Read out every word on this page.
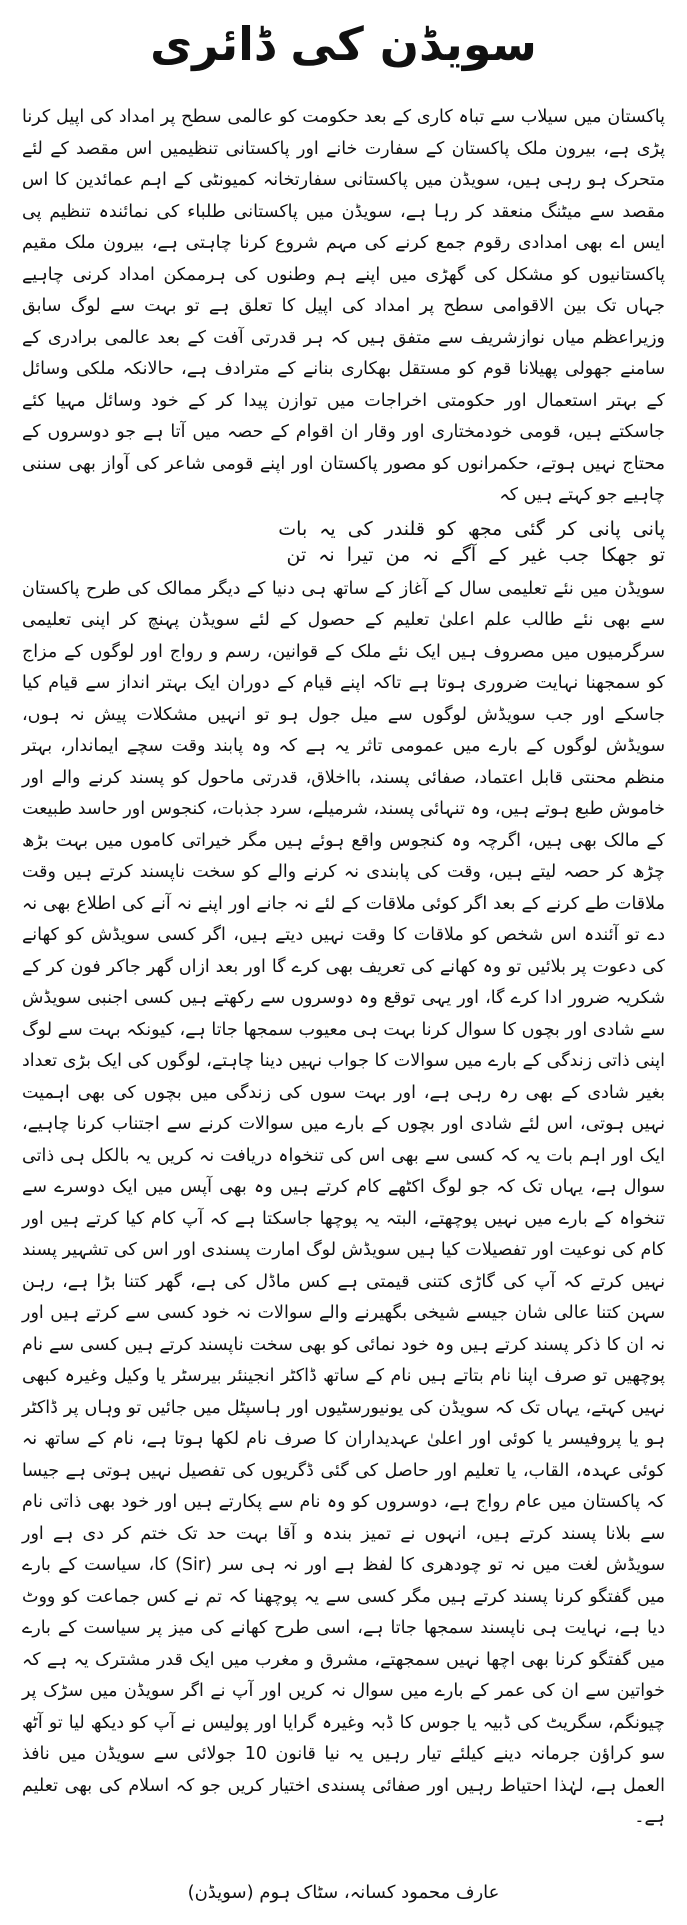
سویڈن کی ڈائری

پاکستان میں سیلاب سے تباہ کاری کے بعد حکومت کو عالمی سطح پر امداد کی اپیل کرنا پڑی ہے، بیرون ملک پاکستان کے سفارت خانے اور پاکستانی تنظیمیں اس مقصد کے لئے متحرک ہو رہی ہیں، سویڈن میں پاکستانی سفارتخانہ کمیونٹی کے اہم عمائدین کا اس مقصد سے میٹنگ منعقد کر رہا ہے، سویڈن میں پاکستانی طلباء کی نمائندہ تنظیم پی ایس اے بھی امدادی رقوم جمع کرنے کی مہم شروع کرنا چاہتی ہے، بیرون ملک مقیم پاکستانیوں کو مشکل کی گھڑی میں اپنے ہم وطنوں کی ہرممکن امداد کرنی چاہیے جہاں تک بین الاقوامی سطح پر امداد کی اپیل کا تعلق ہے تو بہت سے لوگ سابق وزیراعظم میاں نوازشریف سے متفق ہیں کہ ہر قدرتی آفت کے بعد عالمی برادری کے سامنے جھولی پھیلانا قوم کو مستقل بھکاری بنانے کے مترادف ہے، حالانکہ ملکی وسائل کے بہتر استعمال اور حکومتی اخراجات میں توازن پیدا کر کے خود وسائل مہیا کئے جاسکتے ہیں، قومی خودمختاری اور وقار ان اقوام کے حصہ میں آتا ہے جو دوسروں کے محتاج نہیں ہوتے، حکمرانوں کو مصور پاکستان اور اپنے قومی شاعر کی آواز بھی سننی چاہیے جو کہتے ہیں کہ

پانی پانی کر گئی مجھ کو قلندر کی یہ بات
تو جھکا جب غیر کے آگے نہ من تیرا نہ تن

سویڈن میں نئے تعلیمی سال کے آغاز کے ساتھ ہی دنیا کے دیگر ممالک کی طرح پاکستان سے بھی نئے طالب علم اعلیٰ تعلیم کے حصول کے لئے سویڈن پہنچ کر اپنی تعلیمی سرگرمیوں میں مصروف ہیں ایک نئے ملک کے قوانین، رسم و رواج اور لوگوں کے مزاج کو سمجھنا نہایت ضروری ہوتا ہے تاکہ اپنے قیام کے دوران ایک بہتر انداز سے قیام کیا جاسکے اور جب سویڈش لوگوں سے میل جول ہو تو انہیں مشکلات پیش نہ ہوں، سویڈش لوگوں کے بارے میں عمومی تاثر یہ ہے کہ وہ پابند وقت سچے ایماندار، بہتر منظم محنتی قابل اعتماد، صفائی پسند، بااخلاق، قدرتی ماحول کو پسند کرنے والے اور خاموش طبع ہوتے ہیں، وہ تنہائی پسند، شرمیلے، سرد جذبات، کنجوس اور حاسد طبیعت کے مالک بھی ہیں، اگرچہ وہ کنجوس واقع ہوئے ہیں مگر خیراتی کاموں میں بہت بڑھ چڑھ کر حصہ لیتے ہیں، وقت کی پابندی نہ کرنے والے کو سخت ناپسند کرتے ہیں وقت ملاقات طے کرنے کے بعد اگر کوئی ملاقات کے لئے نہ جانے اور اپنے نہ آنے کی اطلاع بھی نہ دے تو آئندہ اس شخص کو ملاقات کا وقت نہیں دیتے ہیں، اگر کسی سویڈش کو کھانے کی دعوت پر بلائیں تو وہ کھانے کی تعریف بھی کرے گا اور بعد ازاں گھر جاکر فون کر کے شکریہ ضرور ادا کرے گا، اور یہی توقع وہ دوسروں سے رکھتے ہیں کسی اجنبی سویڈش سے شادی اور بچوں کا سوال کرنا بہت ہی معیوب سمجھا جاتا ہے، کیونکہ بہت سے لوگ اپنی ذاتی زندگی کے بارے میں سوالات کا جواب نہیں دینا چاہتے، لوگوں کی ایک بڑی تعداد بغیر شادی کے بھی رہ رہی ہے، اور بہت سوں کی زندگی میں بچوں کی بھی اہمیت نہیں ہوتی، اس لئے شادی اور بچوں کے بارے میں سوالات کرنے سے اجتناب کرنا چاہیے، ایک اور اہم بات یہ کہ کسی سے بھی اس کی تنخواہ دریافت نہ کریں یہ بالکل ہی ذاتی سوال ہے، یہاں تک کہ جو لوگ اکٹھے کام کرتے ہیں وہ بھی آپس میں ایک دوسرے سے تنخواہ کے بارے میں نہیں پوچھتے، البتہ یہ پوچھا جاسکتا ہے کہ آپ کام کیا کرتے ہیں اور کام کی نوعیت اور تفصیلات کیا ہیں سویڈش لوگ امارت پسندی اور اس کی تشہیر پسند نہیں کرتے کہ آپ کی گاڑی کتنی قیمتی ہے کس ماڈل کی ہے، گھر کتنا بڑا ہے، رہن سہن کتنا عالی شان جیسے شیخی بگھیرنے والے سوالات نہ خود کسی سے کرتے ہیں اور نہ ان کا ذکر پسند کرتے ہیں وہ خود نمائی کو بھی سخت ناپسند کرتے ہیں کسی سے نام پوچھیں تو صرف اپنا نام بتاتے ہیں نام کے ساتھ ڈاکٹر انجینئر بیرسٹر یا وکیل وغیرہ کبھی نہیں کہتے، یہاں تک کہ سویڈن کی یونیورسٹیوں اور ہاسپٹل میں جائیں تو وہاں پر ڈاکٹر ہو یا پروفیسر یا کوئی اور اعلیٰ عہدیداران کا صرف نام لکھا ہوتا ہے، نام کے ساتھ نہ کوئی عہدہ، القاب، یا تعلیم اور حاصل کی گئی ڈگریوں کی تفصیل نہیں ہوتی ہے جیسا کہ پاکستان میں عام رواج ہے، دوسروں کو وہ نام سے پکارتے ہیں اور خود بھی ذاتی نام سے بلانا پسند کرتے ہیں، انہوں نے تمیز بندہ و آقا بہت حد تک ختم کر دی ہے اور سویڈش لغت میں نہ تو چودھری کا لفظ ہے اور نہ ہی سر (Sir) کا، سیاست کے بارے میں گفتگو کرنا پسند کرتے ہیں مگر کسی سے یہ پوچھنا کہ تم نے کس جماعت کو ووٹ دیا ہے، نہایت ہی ناپسند سمجھا جاتا ہے، اسی طرح کھانے کی میز پر سیاست کے بارے میں گفتگو کرنا بھی اچھا نہیں سمجھتے، مشرق و مغرب میں ایک قدر مشترک یہ ہے کہ خواتین سے ان کی عمر کے بارے میں سوال نہ کریں اور آپ نے اگر سویڈن میں سڑک پر چیونگم، سگریٹ کی ڈبیہ یا جوس کا ڈبہ وغیرہ گرایا اور پولیس نے آپ کو دیکھ لیا تو آٹھ سو کراؤن جرمانہ دینے کیلئے تیار رہیں یہ نیا قانون 10 جولائی سے سویڈن میں نافذ العمل ہے، لہٰذا احتیاط رہیں اور صفائی پسندی اختیار کریں جو کہ اسلام کی بھی تعلیم ہے۔

عارف محمود کسانہ، سٹاک ہوم (سویڈن)
